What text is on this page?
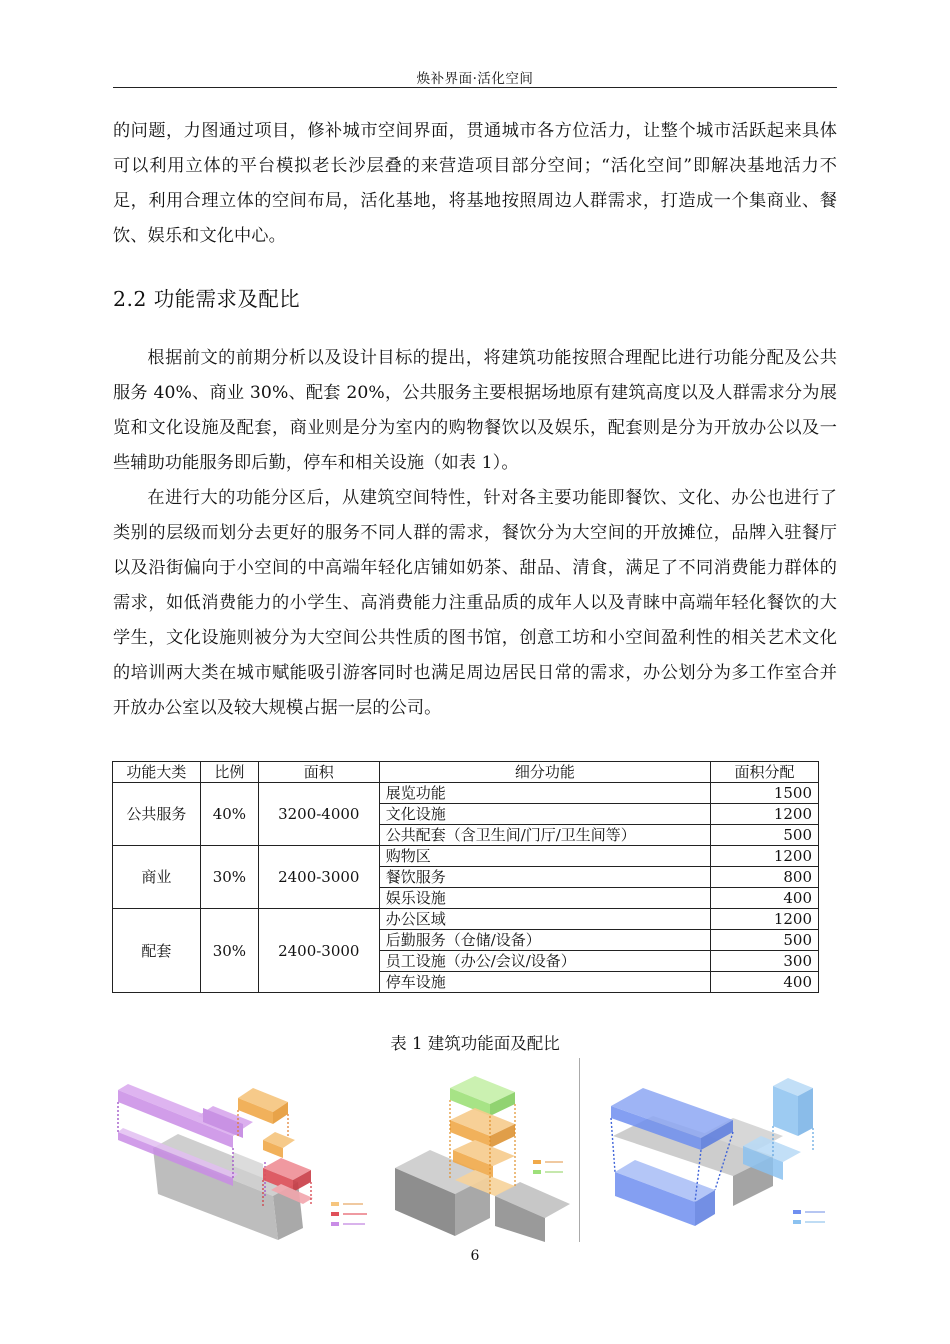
焕补界面·活化空间

的问题，力图通过项目，修补城市空间界面，贯通城市各方位活力，让整个城市活跃起来具体可以利用立体的平台模拟老长沙层叠的来营造项目部分空间；“活化空间”即解决基地活力不足，利用合理立体的空间布局，活化基地，将基地按照周边人群需求，打造成一个集商业、餐饮、娱乐和文化中心。

2.2 功能需求及配比

根据前文的前期分析以及设计目标的提出，将建筑功能按照合理配比进行功能分配及公共服务 40%、商业 30%、配套 20%，公共服务主要根据场地原有建筑高度以及人群需求分为展览和文化设施及配套，商业则是分为室内的购物餐饮以及娱乐，配套则是分为开放办公以及一些辅助功能服务即后勤，停车和相关设施（如表 1）。

在进行大的功能分区后，从建筑空间特性，针对各主要功能即餐饮、文化、办公也进行了类别的层级而划分去更好的服务不同人群的需求，餐饮分为大空间的开放摊位，品牌入驻餐厅以及沿街偏向于小空间的中高端年轻化店铺如奶茶、甜品、清食，满足了不同消费能力群体的需求，如低消费能力的小学生、高消费能力注重品质的成年人以及青睐中高端年轻化餐饮的大学生，文化设施则被分为大空间公共性质的图书馆，创意工坊和小空间盈利性的相关艺术文化的培训两大类在城市赋能吸引游客同时也满足周边居民日常的需求，办公划分为多工作室合并开放办公室以及较大规模占据一层的公司。

功能大类	比例	面积	细分功能	面积分配
公共服务	40%	3200-4000	展览功能	1500
			文化设施	1200
			公共配套（含卫生间/门厅/卫生间等）	500
商业	30%	2400-3000	购物区	1200
			餐饮服务	800
			娱乐设施	400
配套	30%	2400-3000	办公区域	1200
			后勤服务（仓储/设备）	500
			员工设施（办公/会议/设备）	300
			停车设施	400
表 1 建筑功能面及配比
6
